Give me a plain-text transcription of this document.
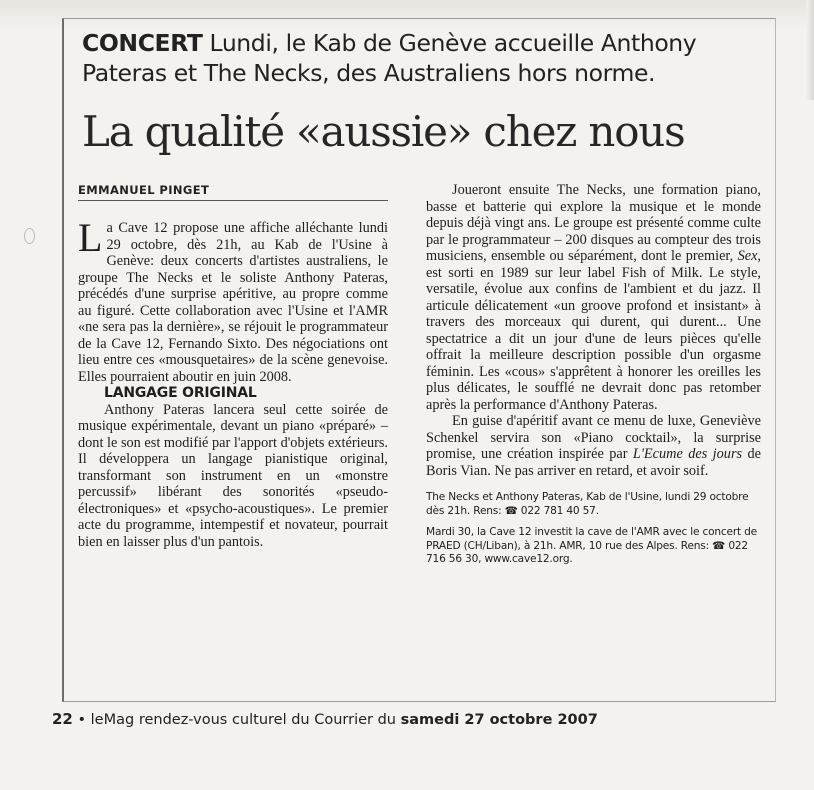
CONCERT Lundi, le Kab de Genève accueille Anthony Pateras et The Necks, des Australiens hors norme.
La qualité «aussie» chez nous
EMMANUEL PINGET

La Cave 12 propose une affiche alléchante lundi 29 octobre, dès 21h, au Kab de l'Usine à Genève: deux concerts d'artistes australiens, le groupe The Necks et le soliste Anthony Pateras, précédés d'une surprise apéritive, au propre comme au figuré. Cette collaboration avec l'Usine et l'AMR «ne sera pas la dernière», se réjouit le programmateur de la Cave 12, Fernando Sixto. Des négociations ont lieu entre ces «mousquetaires» de la scène genevoise. Elles pourraient aboutir en juin 2008.

LANGAGE ORIGINAL

Anthony Pateras lancera seul cette soirée de musique expérimentale, devant un piano «préparé» – dont le son est modifié par l'apport d'objets extérieurs. Il développera un langage pianistique original, transformant son instrument en un «monstre percussif» libérant des sonorités «pseudo-électroniques» et «psycho-acoustiques». Le premier acte du programme, intempestif et novateur, pourrait bien en laisser plus d'un pantois.

Joueront ensuite The Necks, une formation piano, basse et batterie qui explore la musique et le monde depuis déjà vingt ans. Le groupe est présenté comme culte par le programmateur – 200 disques au compteur des trois musiciens, ensemble ou séparément, dont le premier, Sex, est sorti en 1989 sur leur label Fish of Milk. Le style, versatile, évolue aux confins de l'ambient et du jazz. Il articule délicatement «un groove profond et insistant» à travers des morceaux qui durent, qui durent... Une spectatrice a dit un jour d'une de leurs pièces qu'elle offrait la meilleure description possible d'un orgasme féminin. Les «cous» s'apprêtent à honorer les oreilles les plus délicates, le soufflé ne devrait donc pas retomber après la performance d'Anthony Pateras.

En guise d'apéritif avant ce menu de luxe, Geneviève Schenkel servira son «Piano cocktail», la surprise promise, une création inspirée par L'Ecume des jours de Boris Vian. Ne pas arriver en retard, et avoir soif.

The Necks et Anthony Pateras, Kab de l'Usine, lundi 29 octobre dès 21h. Rens: ☎ 022 781 40 57.

Mardi 30, la Cave 12 investit la cave de l'AMR avec le concert de PRAED (CH/Liban), à 21h. AMR, 10 rue des Alpes. Rens: ☎ 022 716 56 30, www.cave12.org.

22 • leMag rendez-vous culturel du Courrier du samedi 27 octobre 2007
